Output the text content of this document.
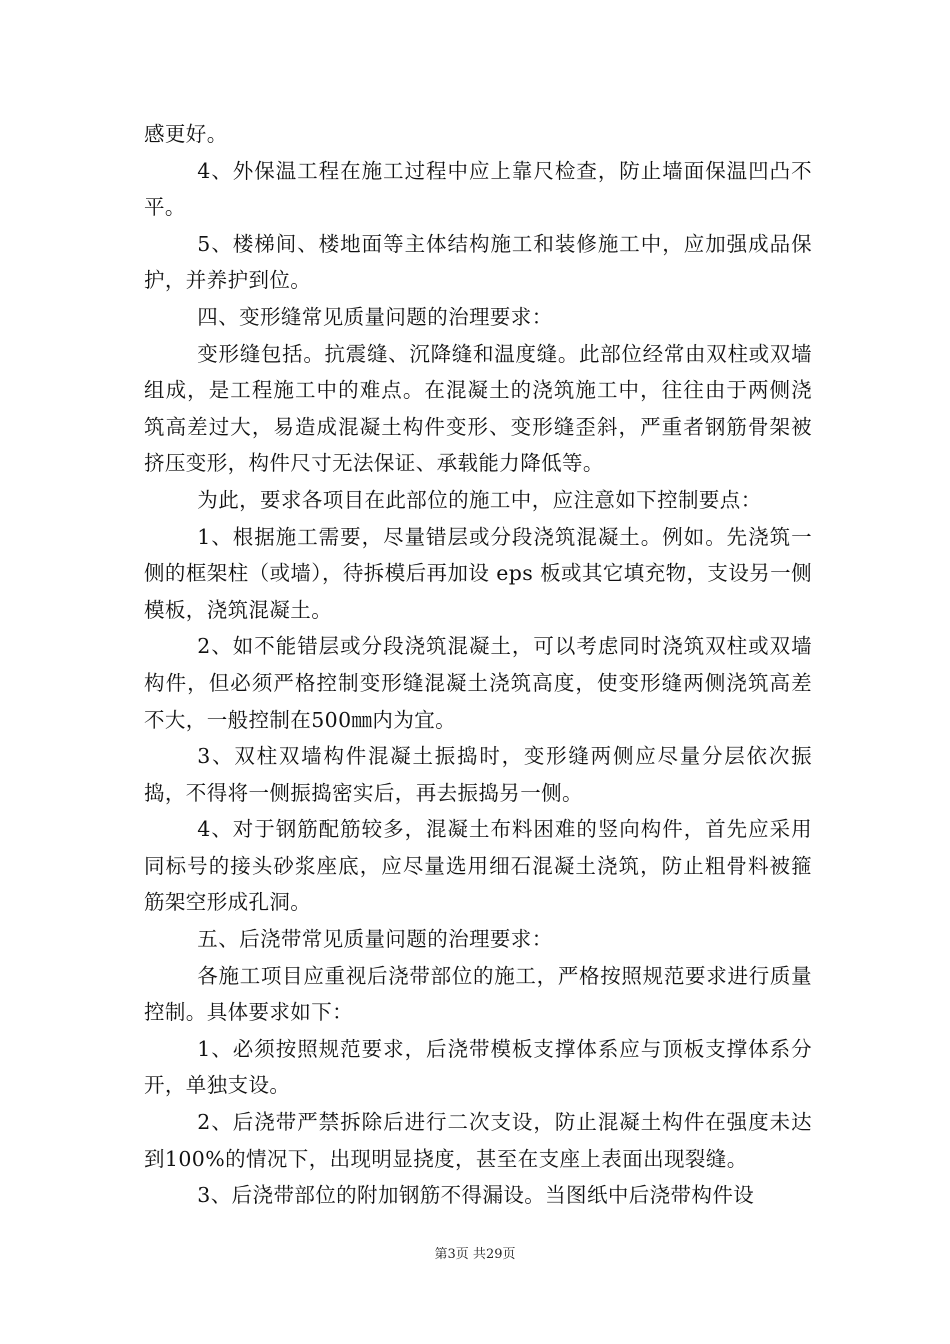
感更好。

4、外保温工程在施工过程中应上靠尺检查，防止墙面保温凹凸不平。

5、楼梯间、楼地面等主体结构施工和装修施工中，应加强成品保护，并养护到位。

四、变形缝常见质量问题的治理要求：

变形缝包括。抗震缝、沉降缝和温度缝。此部位经常由双柱或双墙组成，是工程施工中的难点。在混凝土的浇筑施工中，往往由于两侧浇筑高差过大，易造成混凝土构件变形、变形缝歪斜，严重者钢筋骨架被挤压变形，构件尺寸无法保证、承载能力降低等。

为此，要求各项目在此部位的施工中，应注意如下控制要点：

1、根据施工需要，尽量错层或分段浇筑混凝土。例如。先浇筑一侧的框架柱（或墙），待拆模后再加设 eps 板或其它填充物，支设另一侧模板，浇筑混凝土。

2、如不能错层或分段浇筑混凝土，可以考虑同时浇筑双柱或双墙构件，但必须严格控制变形缝混凝土浇筑高度，使变形缝两侧浇筑高差不大，一般控制在500㎜内为宜。

3、双柱双墙构件混凝土振捣时，变形缝两侧应尽量分层依次振捣，不得将一侧振捣密实后，再去振捣另一侧。

4、对于钢筋配筋较多，混凝土布料困难的竖向构件，首先应采用同标号的接头砂浆座底，应尽量选用细石混凝土浇筑，防止粗骨料被箍筋架空形成孔洞。

五、后浇带常见质量问题的治理要求：

各施工项目应重视后浇带部位的施工，严格按照规范要求进行质量控制。具体要求如下：

1、必须按照规范要求，后浇带模板支撑体系应与顶板支撑体系分开，单独支设。

2、后浇带严禁拆除后进行二次支设，防止混凝土构件在强度未达到100%的情况下，出现明显挠度，甚至在支座上表面出现裂缝。

3、后浇带部位的附加钢筋不得漏设。当图纸中后浇带构件设

第3页 共29页
